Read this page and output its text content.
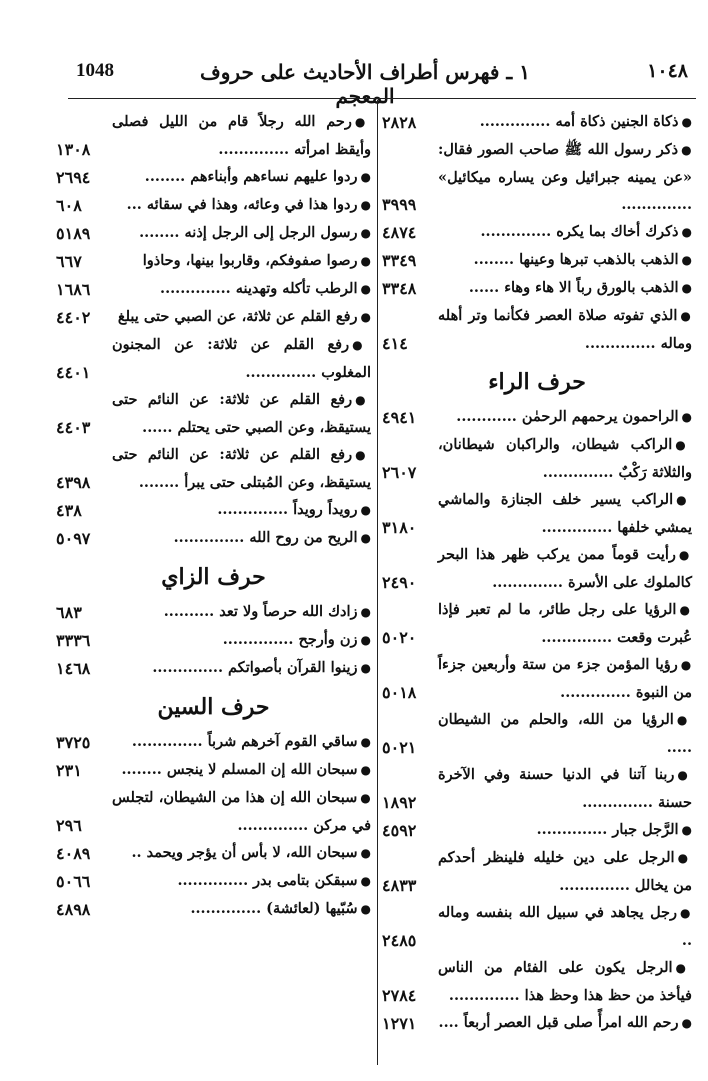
١٠٤٨
١ ـ فهرس أطراف الأحاديث على حروف المعجم
1048
●ذكاة الجنين ذكاة أمه ..............
٢٨٢٨
●ذكر رسول الله ﷺ صاحب الصور فقال: «عن يمينه جبرائيل وعن يساره ميكائيل» ..............
٣٩٩٩
●ذكرك أخاك بما يكره ..............
٤٨٧٤
●الذهب بالذهب تبرها وعينها ........
٣٣٤٩
●الذهب بالورق رباً الا هاء وهاء ......
٣٣٤٨
●الذي تفوته صلاة العصر فكأنما وتر أهله وماله ..............
٤١٤
حرف الراء
●الراحمون يرحمهم الرحمٰن ............
٤٩٤١
●الراكب شيطان، والراكبان شيطانان، والثلاثة رَكْبٌ ..............
٢٦٠٧
●الراكب يسير خلف الجنازة والماشي يمشي خلفها ..............
٣١٨٠
●رأيت قوماً ممن يركب ظهر هذا البحر كالملوك على الأسرة ..............
٢٤٩٠
●الرؤيا على رجل طائر، ما لم تعبر فإذا عُبرت وقعت ..............
٥٠٢٠
●رؤيا المؤمن جزء من ستة وأربعين جزءاً من النبوة ..............
٥٠١٨
●الرؤيا من الله، والحلم من الشيطان .....
٥٠٢١
●ربنا آتنا في الدنيا حسنة وفي الآخرة حسنة ..............
١٨٩٢
●الرَّجل جبار ..............
٤٥٩٢
●الرجل على دين خليله فلينظر أحدكم من يخالل ..............
٤٨٣٣
●رجل يجاهد في سبيل الله بنفسه وماله ..
٢٤٨٥
●الرجل يكون على الفئام من الناس فيأخذ من حظ هذا وحظ هذا ..............
٢٧٨٤
●رحم الله امرأً صلى قبل العصر أربعاً ....
١٢٧١
●رحم الله رجلاً قام من الليل فصلى وأيقظ امرأته ..............
١٣٠٨
●ردوا عليهم نساءهم وأبناءهم ........
٢٦٩٤
●ردوا هذا في وعائه، وهذا في سقائه ...
٦٠٨
●رسول الرجل إلى الرجل إذنه ........
٥١٨٩
●رصوا صفوفكم، وقاربوا بينها، وحاذوا
٦٦٧
●الرطب تأكله وتهدينه ..............
١٦٨٦
●رفع القلم عن ثلاثة، عن الصبي حتى يبلغ
٤٤٠٢
●رفع القلم عن ثلاثة: عن المجنون المغلوب ..............
٤٤٠١
●رفع القلم عن ثلاثة: عن النائم حتى يستيقظ، وعن الصبي حتى يحتلم ......
٤٤٠٣
●رفع القلم عن ثلاثة: عن النائم حتى يستيقظ، وعن المُبتلى حتى يبرأ ........
٤٣٩٨
●رويداً رويداً ..............
٤٣٨
●الريح من روح الله ..............
٥٠٩٧
حرف الزاي
●زادك الله حرصاً ولا تعد ..........
٦٨٣
●زن وأرجح ..............
٣٣٣٦
●زينوا القرآن بأصواتكم ..............
١٤٦٨
حرف السين
●ساقي القوم آخرهم شرباً ..............
٣٧٢٥
●سبحان الله إن المسلم لا ينجس ........
٢٣١
●سبحان الله إن هذا من الشيطان، لتجلس في مركن ..............
٢٩٦
●سبحان الله، لا بأس أن يؤجر ويحمد ..
٤٠٨٩
●سبقكن بتامى بدر ..............
٥٠٦٦
●سُبّيها (لعائشة) ..............
٤٨٩٨
